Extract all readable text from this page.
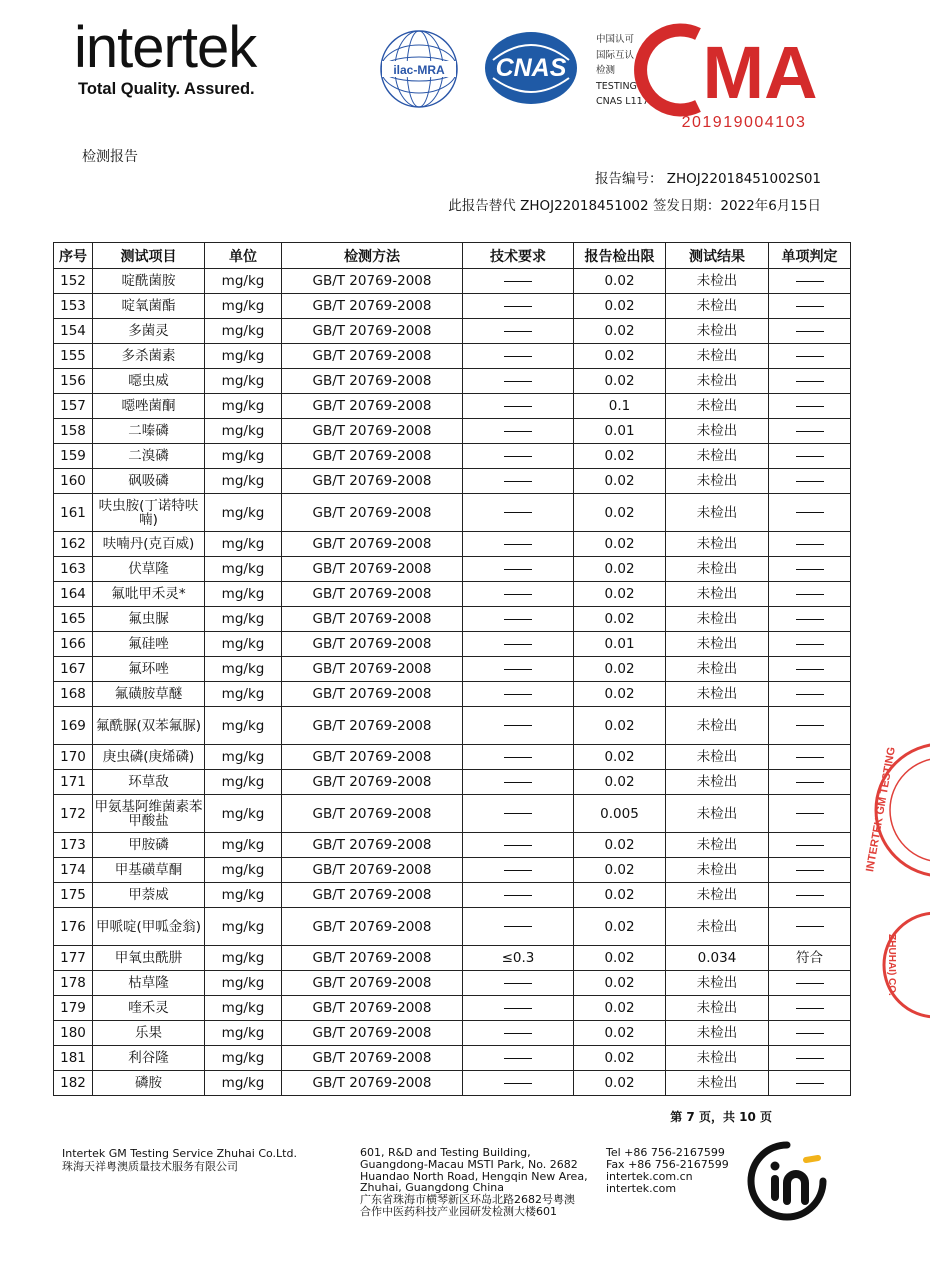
intertek
Total Quality. Assured.
ilac-MRA CNAS
中国认可
国际互认
检测
TESTING
CNAS L11796 MA
201919004103
检测报告
报告编号： ZHOJ22018451002S01
此报告替代 ZHOJ22018451002 签发日期：2022年6月15日
序号	测试项目	单位	检测方法	技术要求	报告检出限	测试结果	单项判定
152	啶酰菌胺	mg/kg	GB/T 20769-2008		0.02	未检出	
153	啶氧菌酯	mg/kg	GB/T 20769-2008		0.02	未检出	
154	多菌灵	mg/kg	GB/T 20769-2008		0.02	未检出	
155	多杀菌素	mg/kg	GB/T 20769-2008		0.02	未检出	
156	噁虫威	mg/kg	GB/T 20769-2008		0.02	未检出	
157	噁唑菌酮	mg/kg	GB/T 20769-2008		0.1	未检出	
158	二嗪磷	mg/kg	GB/T 20769-2008		0.01	未检出	
159	二溴磷	mg/kg	GB/T 20769-2008		0.02	未检出	
160	砜吸磷	mg/kg	GB/T 20769-2008		0.02	未检出	
161	呋虫胺(丁诺特呋喃)	mg/kg	GB/T 20769-2008		0.02	未检出	
162	呋喃丹(克百威)	mg/kg	GB/T 20769-2008		0.02	未检出	
163	伏草隆	mg/kg	GB/T 20769-2008		0.02	未检出	
164	氟吡甲禾灵*	mg/kg	GB/T 20769-2008		0.02	未检出	
165	氟虫脲	mg/kg	GB/T 20769-2008		0.02	未检出	
166	氟硅唑	mg/kg	GB/T 20769-2008		0.01	未检出	
167	氟环唑	mg/kg	GB/T 20769-2008		0.02	未检出	
168	氟磺胺草醚	mg/kg	GB/T 20769-2008		0.02	未检出	
169	氟酰脲(双苯氟脲)	mg/kg	GB/T 20769-2008		0.02	未检出	
170	庚虫磷(庚烯磷)	mg/kg	GB/T 20769-2008		0.02	未检出	
171	环草敌	mg/kg	GB/T 20769-2008		0.02	未检出	
172	甲氨基阿维菌素苯甲酸盐	mg/kg	GB/T 20769-2008		0.005	未检出	
173	甲胺磷	mg/kg	GB/T 20769-2008		0.02	未检出	
174	甲基磺草酮	mg/kg	GB/T 20769-2008		0.02	未检出	
175	甲萘威	mg/kg	GB/T 20769-2008		0.02	未检出	
176	甲哌啶(甲呱金翁)	mg/kg	GB/T 20769-2008		0.02	未检出	
177	甲氧虫酰肼	mg/kg	GB/T 20769-2008	≤0.3	0.02	0.034	符合
178	枯草隆	mg/kg	GB/T 20769-2008		0.02	未检出	
179	喹禾灵	mg/kg	GB/T 20769-2008		0.02	未检出	
180	乐果	mg/kg	GB/T 20769-2008		0.02	未检出	
181	利谷隆	mg/kg	GB/T 20769-2008		0.02	未检出	
182	磷胺	mg/kg	GB/T 20769-2008		0.02	未检出	
第 7 页，共 10 页
Intertek GM Testing Service Zhuhai Co.Ltd.
珠海天祥粤澳质量技术服务有限公司
601, R&D and Testing Building,
Guangdong-Macau MSTI Park, No. 2682
Huandao North Road, Hengqin New Area,
Zhuhai, Guangdong China
广东省珠海市横琴新区环岛北路2682号粤澳
合作中医药科技产业园研发检测大楼601
Tel +86 756-2167599
Fax +86 756-2167599
intertek.com.cn
intertek.com
INTERTEK GM TESTING
ZHUHAI) CO.
